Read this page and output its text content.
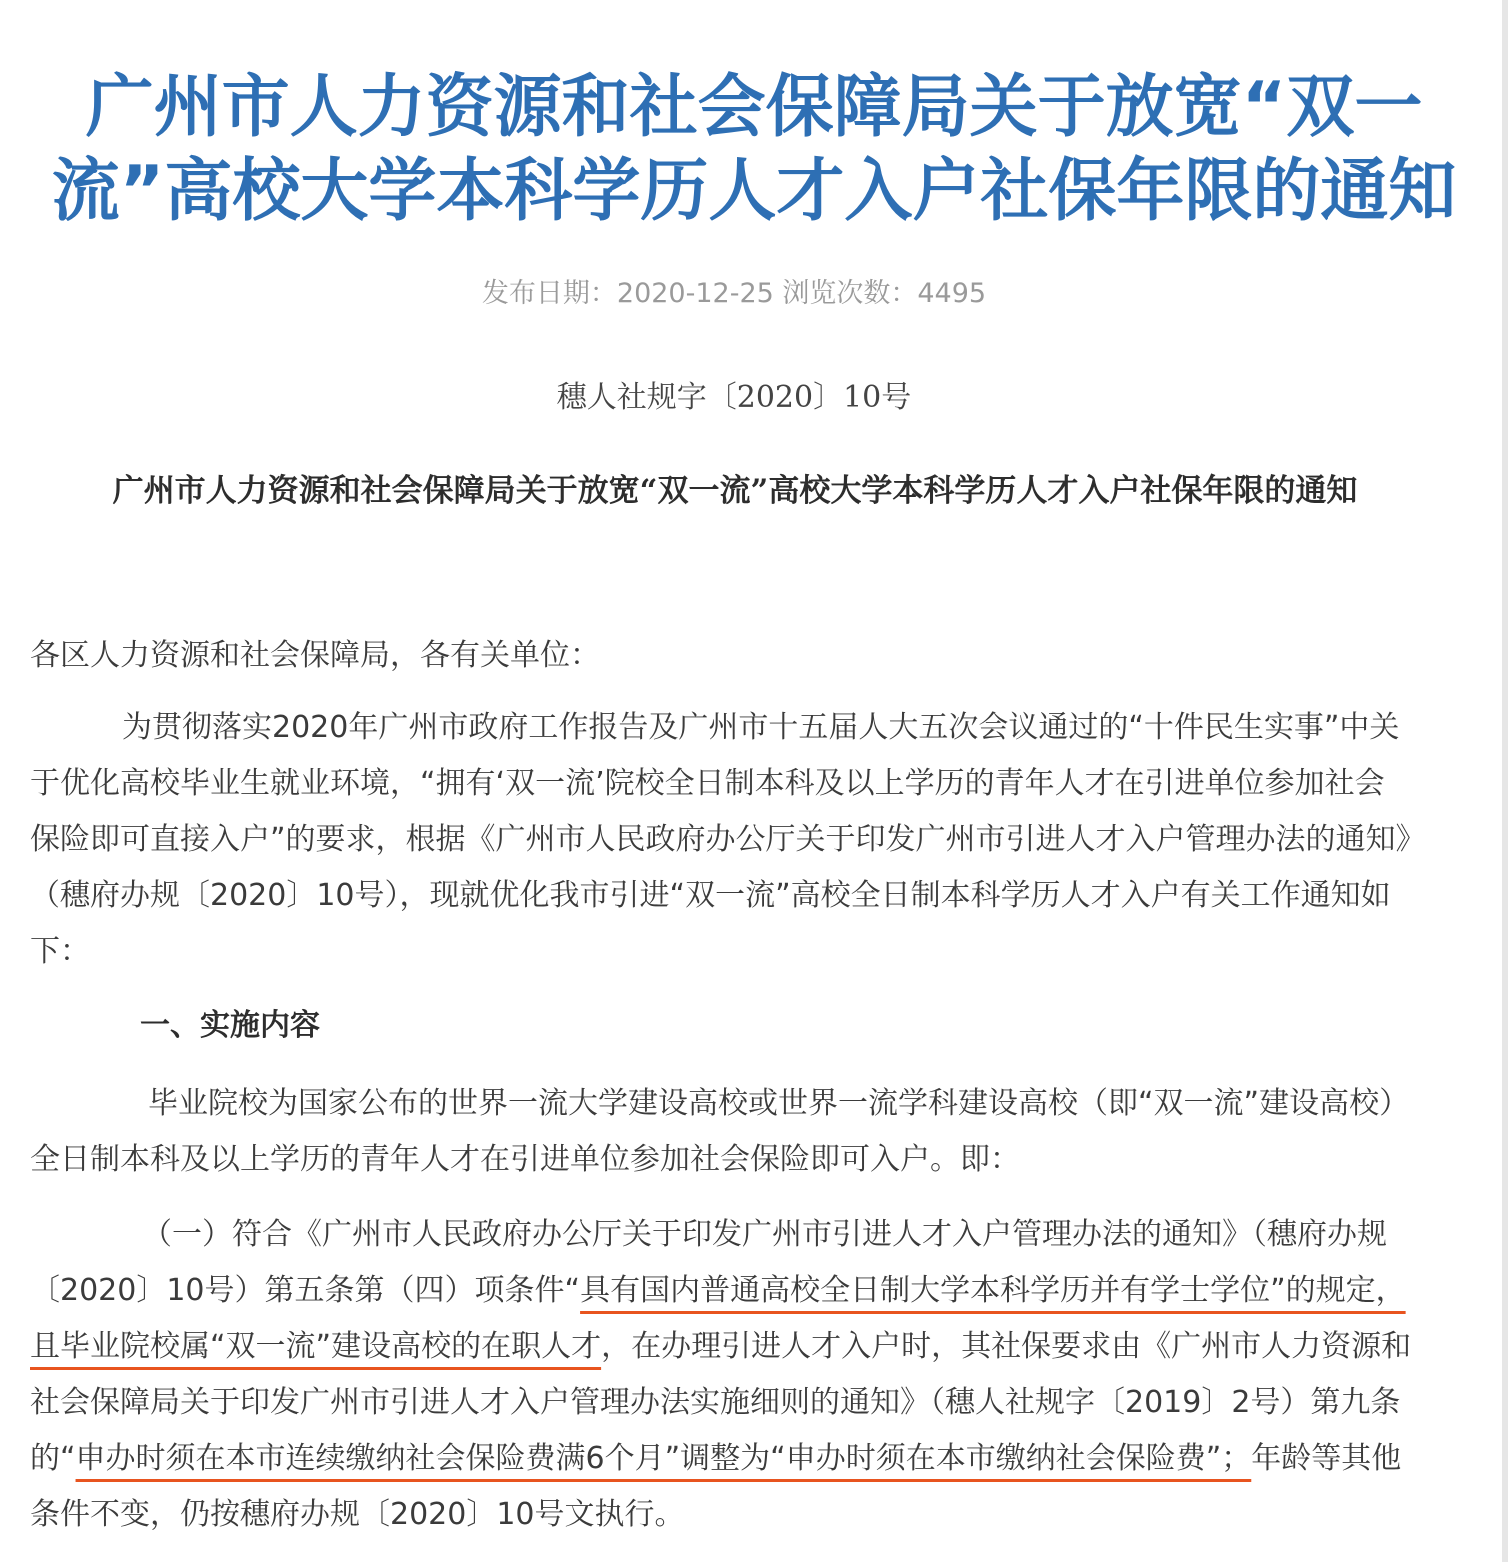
广州市人力资源和社会保障局关于放宽“双一流”高校大学本科学历人才入户社保年限的通知
发布日期：2020-12-25 浏览次数：4495
穗人社规字〔2020〕10号
广州市人力资源和社会保障局关于放宽“双一流”高校大学本科学历人才入户社保年限的通知

各区人力资源和社会保障局，各有关单位：

为贯彻落实2020年广州市政府工作报告及广州市十五届人大五次会议通过的“十件民生实事”中关于优化高校毕业生就业环境，“拥有‘双一流’院校全日制本科及以上学历的青年人才在引进单位参加社会保险即可直接入户”的要求，根据《广州市人民政府办公厅关于印发广州市引进人才入户管理办法的通知》（穗府办规〔2020〕10号），现就优化我市引进“双一流”高校全日制本科学历人才入户有关工作通知如下：

一、实施内容

毕业院校为国家公布的世界一流大学建设高校或世界一流学科建设高校（即“双一流”建设高校）全日制本科及以上学历的青年人才在引进单位参加社会保险即可入户。即：

（一）符合《广州市人民政府办公厅关于印发广州市引进人才入户管理办法的通知》（穗府办规〔2020〕10号）第五条第（四）项条件“具有国内普通高校全日制大学本科学历并有学士学位”的规定，且毕业院校属“双一流”建设高校的在职人才，在办理引进人才入户时，其社保要求由《广州市人力资源和社会保障局关于印发广州市引进人才入户管理办法实施细则的通知》（穗人社规字〔2019〕2号）第九条的“申办时须在本市连续缴纳社会保险费满6个月”调整为“申办时须在本市缴纳社会保险费”；年龄等其他条件不变，仍按穗府办规〔2020〕10号文执行。
